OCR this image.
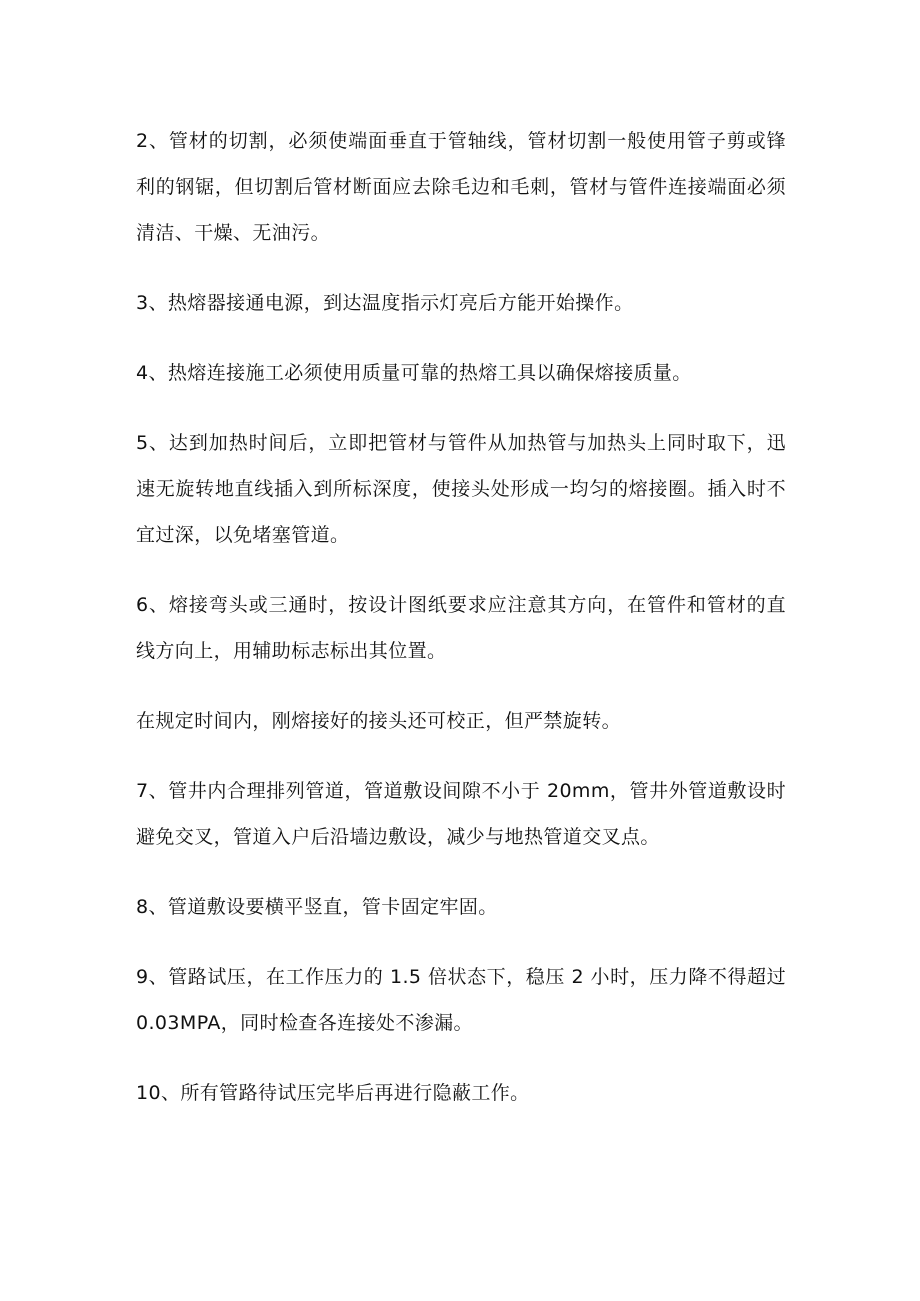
2、管材的切割，必须使端面垂直于管轴线，管材切割一般使用管子剪或锋利的钢锯，但切割后管材断面应去除毛边和毛刺，管材与管件连接端面必须清洁、干燥、无油污。

3、热熔器接通电源，到达温度指示灯亮后方能开始操作。

4、热熔连接施工必须使用质量可靠的热熔工具以确保熔接质量。

5、达到加热时间后，立即把管材与管件从加热管与加热头上同时取下，迅速无旋转地直线插入到所标深度，使接头处形成一均匀的熔接圈。插入时不宜过深，以免堵塞管道。

6、熔接弯头或三通时，按设计图纸要求应注意其方向，在管件和管材的直线方向上，用辅助标志标出其位置。

在规定时间内，刚熔接好的接头还可校正，但严禁旋转。

7、管井内合理排列管道，管道敷设间隙不小于 20mm，管井外管道敷设时避免交叉，管道入户后沿墙边敷设，减少与地热管道交叉点。

8、管道敷设要横平竖直，管卡固定牢固。

9、管路试压，在工作压力的 1.5 倍状态下，稳压 2 小时，压力降不得超过 0.03MPA，同时检查各连接处不渗漏。

10、所有管路待试压完毕后再进行隐蔽工作。
